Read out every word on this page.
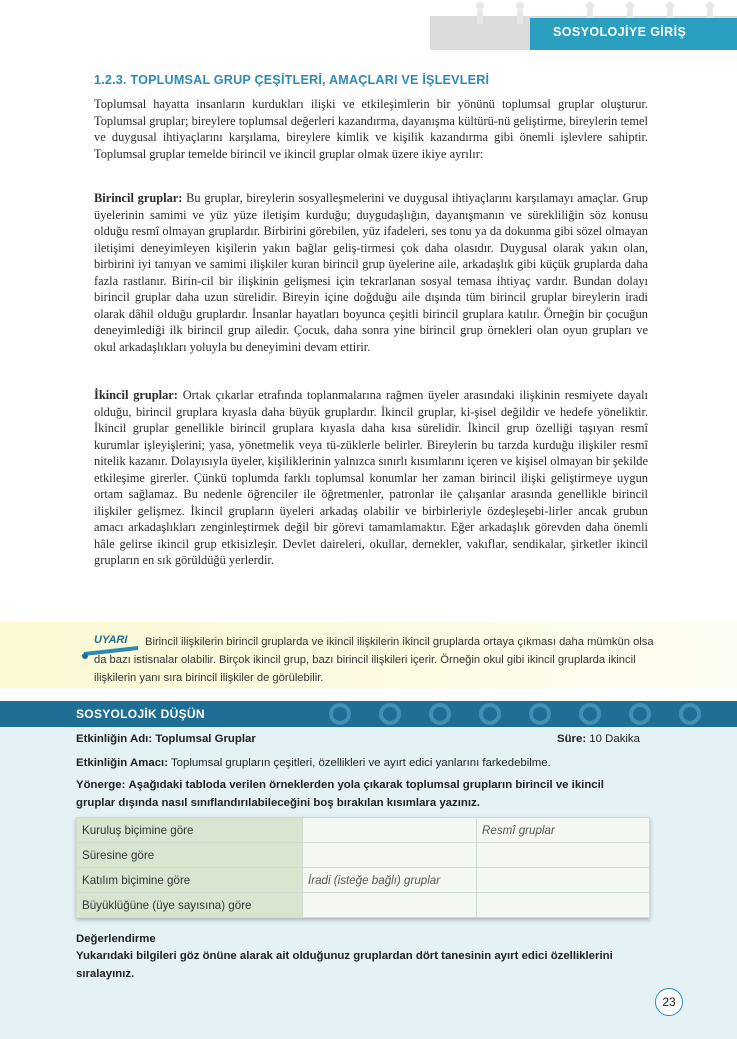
SOSYOLOJİYE GİRİŞ
1.2.3. TOPLUMSAL GRUP ÇEŞİTLERİ, AMAÇLARI VE İŞLEVLERİ

Toplumsal hayatta insanların kurdukları ilişki ve etkileşimlerin bir yönünü toplumsal gruplar oluşturur. Toplumsal gruplar; bireylere toplumsal değerleri kazandırma, dayanışma kültürü-nü geliştirme, bireylerin temel ve duygusal ihtiyaçlarını karşılama, bireylere kimlik ve kişilik kazandırma gibi önemli işlevlere sahiptir. Toplumsal gruplar temelde birincil ve ikincil gruplar olmak üzere ikiye ayrılır:

Birincil gruplar: Bu gruplar, bireylerin sosyalleşmelerini ve duygusal ihtiyaçlarını karşılamayı amaçlar. Grup üyelerinin samimi ve yüz yüze iletişim kurduğu; duygudaşlığın, dayanışmanın ve sürekliliğin söz konusu olduğu resmî olmayan gruplardır. Birbirini görebilen, yüz ifadeleri, ses tonu ya da dokunma gibi sözel olmayan iletişimi deneyimleyen kişilerin yakın bağlar geliş-tirmesi çok daha olasıdır. Duygusal olarak yakın olan, birbirini iyi tanıyan ve samimi ilişkiler kuran birincil grup üyelerine aile, arkadaşlık gibi küçük gruplarda daha fazla rastlanır. Birin-cil bir ilişkinin gelişmesi için tekrarlanan sosyal temasa ihtiyaç vardır. Bundan dolayı birincil gruplar daha uzun sürelidir. Bireyin içine doğduğu aile dışında tüm birincil gruplar bireylerin iradi olarak dâhil olduğu gruplardır. İnsanlar hayatları boyunca çeşitli birincil gruplara katılır. Örneğin bir çocuğun deneyimlediği ilk birincil grup ailedir. Çocuk, daha sonra yine birincil grup örnekleri olan oyun grupları ve okul arkadaşlıkları yoluyla bu deneyimini devam ettirir.

İkincil gruplar: Ortak çıkarlar etrafında toplanmalarına rağmen üyeler arasındaki ilişkinin resmiyete dayalı olduğu, birincil gruplara kıyasla daha büyük gruplardır. İkincil gruplar, ki-şisel değildir ve hedefe yöneliktir. İkincil gruplar genellikle birincil gruplara kıyasla daha kısa sürelidir. İkincil grup özelliği taşıyan resmî kurumlar işleyişlerini; yasa, yönetmelik veya tü-züklerle belirler. Bireylerin bu tarzda kurduğu ilişkiler resmî nitelik kazanır. Dolayısıyla üyeler, kişiliklerinin yalnızca sınırlı kısımlarını içeren ve kişisel olmayan bir şekilde etkileşime girerler. Çünkü toplumda farklı toplumsal konumlar her zaman birincil ilişki geliştirmeye uygun ortam sağlamaz. Bu nedenle öğrenciler ile öğretmenler, patronlar ile çalışanlar arasında genellikle birincil ilişkiler gelişmez. İkincil grupların üyeleri arkadaş olabilir ve birbirleriyle özdeşleşebi-lirler ancak grubun amacı arkadaşlıkları zenginleştirmek değil bir görevi tamamlamaktır. Eğer arkadaşlık görevden daha önemli hâle gelirse ikincil grup etkisizleşir. Devlet daireleri, okullar, dernekler, vakıflar, sendikalar, şirketler ikincil grupların en sık görüldüğü yerlerdir.

UYARI	Birincil ilişkilerin birincil gruplarda ve ikincil ilişkilerin ikincil gruplarda ortaya çıkması daha mümkün olsa da bazı istisnalar olabilir. Birçok ikincil grup, bazı birincil ilişkileri içerir. Örneğin okul gibi ikincil gruplarda ikincil ilişkilerin yanı sıra birincil ilişkiler de görülebilir.

SOSYOLOJİK DÜŞÜN
Etkinliğin Adı: Toplumsal Gruplar	Süre: 10 Dakika
Etkinliğin Amacı: Toplumsal grupların çeşitleri, özellikleri ve ayırt edici yanlarını farkedebilme.
Yönerge: Aşağıdaki tabloda verilen örneklerden yola çıkarak toplumsal grupların birincil ve ikincil
gruplar dışında nasıl sınıflandırılabileceğini boş bırakılan kısımlara yazınız.
Kuruluş biçimine göre		Resmî gruplar
Süresine göre		
Katılım biçimine göre	İradi (isteğe bağlı) gruplar	
Büyüklüğüne (üye sayısına) göre		
Değerlendirme
Yukarıdaki bilgileri göz önüne alarak ait olduğunuz gruplardan dört tanesinin ayırt edici özelliklerini
sıralayınız.
23
